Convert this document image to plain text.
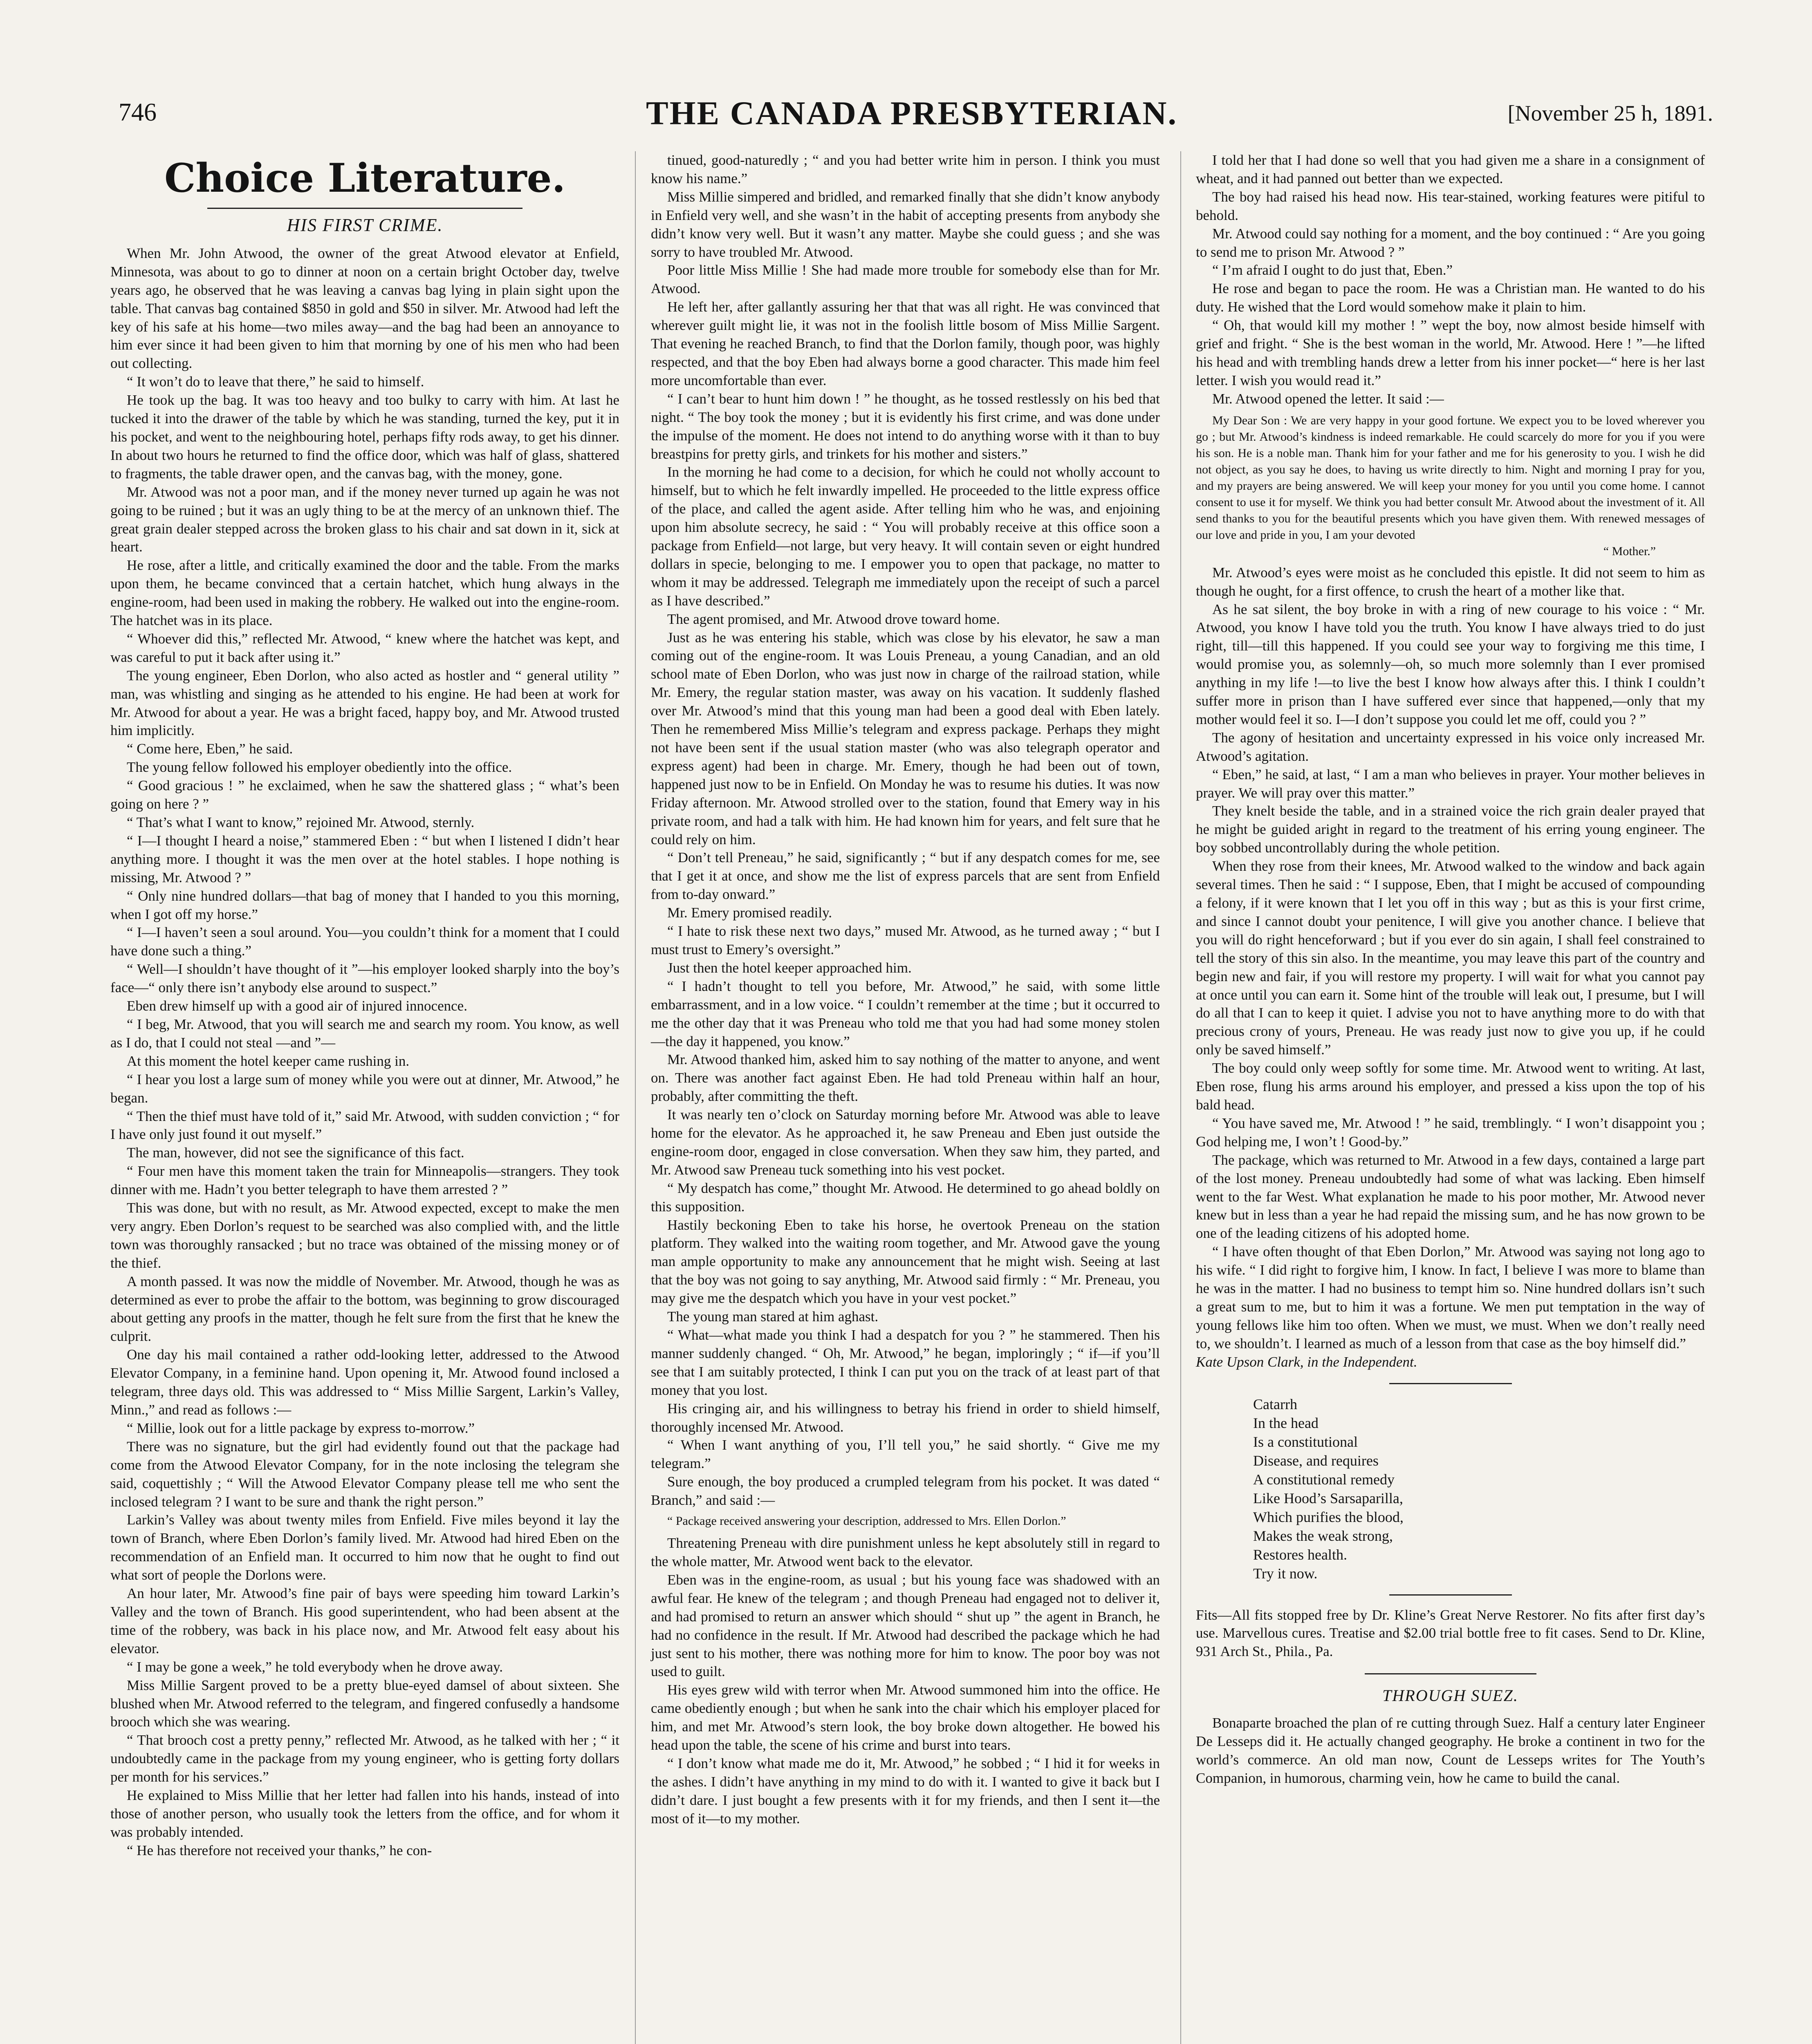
746	THE CANADA PRESBYTERIAN.	[November 25 h, 1891.
Choice Literature.
HIS FIRST CRIME.

When Mr. John Atwood, the owner of the great Atwood elevator at Enfield, Minnesota, was about to go to dinner at noon on a certain bright October day, twelve years ago, he observed that he was leaving a canvas bag lying in plain sight upon the table. That canvas bag contained $850 in gold and $50 in silver. Mr. Atwood had left the key of his safe at his home—two miles away—and the bag had been an annoyance to him ever since it had been given to him that morning by one of his men who had been out collecting.

“ It won’t do to leave that there,” he said to himself.

He took up the bag. It was too heavy and too bulky to carry with him. At last he tucked it into the drawer of the table by which he was standing, turned the key, put it in his pocket, and went to the neighbouring hotel, perhaps fifty rods away, to get his dinner. In about two hours he returned to find the office door, which was half of glass, shattered to fragments, the table drawer open, and the canvas bag, with the money, gone.

Mr. Atwood was not a poor man, and if the money never turned up again he was not going to be ruined ; but it was an ugly thing to be at the mercy of an unknown thief. The great grain dealer stepped across the broken glass to his chair and sat down in it, sick at heart.

He rose, after a little, and critically examined the door and the table. From the marks upon them, he became convinced that a certain hatchet, which hung always in the engine-room, had been used in making the robbery. He walked out into the engine-room. The hatchet was in its place.

“ Whoever did this,” reflected Mr. Atwood, “ knew where the hatchet was kept, and was careful to put it back after using it.”

The young engineer, Eben Dorlon, who also acted as hostler and “ general utility ” man, was whistling and singing as he attended to his engine. He had been at work for Mr. Atwood for about a year. He was a bright faced, happy boy, and Mr. Atwood trusted him implicitly.

“ Come here, Eben,” he said.

The young fellow followed his employer obediently into the office.

“ Good gracious ! ” he exclaimed, when he saw the shattered glass ; “ what’s been going on here ? ”

“ That’s what I want to know,” rejoined Mr. Atwood, sternly.

“ I—I thought I heard a noise,” stammered Eben : “ but when I listened I didn’t hear anything more. I thought it was the men over at the hotel stables. I hope nothing is missing, Mr. Atwood ? ”

“ Only nine hundred dollars—that bag of money that I handed to you this morning, when I got off my horse.”

“ I—I haven’t seen a soul around. You—you couldn’t think for a moment that I could have done such a thing.”

“ Well—I shouldn’t have thought of it ”—his employer looked sharply into the boy’s face—“ only there isn’t anybody else around to suspect.”

Eben drew himself up with a good air of injured innocence.

“ I beg, Mr. Atwood, that you will search me and search my room. You know, as well as I do, that I could not steal —and ”—

At this moment the hotel keeper came rushing in.

“ I hear you lost a large sum of money while you were out at dinner, Mr. Atwood,” he began.

“ Then the thief must have told of it,” said Mr. Atwood, with sudden conviction ; “ for I have only just found it out myself.”

The man, however, did not see the significance of this fact.

“ Four men have this moment taken the train for Minneapolis—strangers. They took dinner with me. Hadn’t you better telegraph to have them arrested ? ”

This was done, but with no result, as Mr. Atwood expected, except to make the men very angry. Eben Dorlon’s request to be searched was also complied with, and the little town was thoroughly ransacked ; but no trace was obtained of the missing money or of the thief.

A month passed. It was now the middle of November. Mr. Atwood, though he was as determined as ever to probe the affair to the bottom, was beginning to grow discouraged about getting any proofs in the matter, though he felt sure from the first that he knew the culprit.

One day his mail contained a rather odd-looking letter, addressed to the Atwood Elevator Company, in a feminine hand. Upon opening it, Mr. Atwood found inclosed a telegram, three days old. This was addressed to “ Miss Millie Sargent, Larkin’s Valley, Minn.,” and read as follows :—

“ Millie, look out for a little package by express to-morrow.”

There was no signature, but the girl had evidently found out that the package had come from the Atwood Elevator Company, for in the note inclosing the telegram she said, coquettishly ; “ Will the Atwood Elevator Company please tell me who sent the inclosed telegram ? I want to be sure and thank the right person.”

Larkin’s Valley was about twenty miles from Enfield. Five miles beyond it lay the town of Branch, where Eben Dorlon’s family lived. Mr. Atwood had hired Eben on the recommendation of an Enfield man. It occurred to him now that he ought to find out what sort of people the Dorlons were.

An hour later, Mr. Atwood’s fine pair of bays were speeding him toward Larkin’s Valley and the town of Branch. His good superintendent, who had been absent at the time of the robbery, was back in his place now, and Mr. Atwood felt easy about his elevator.

“ I may be gone a week,” he told everybody when he drove away.

Miss Millie Sargent proved to be a pretty blue-eyed damsel of about sixteen. She blushed when Mr. Atwood referred to the telegram, and fingered confusedly a handsome brooch which she was wearing.

“ That brooch cost a pretty penny,” reflected Mr. Atwood, as he talked with her ; “ it undoubtedly came in the package from my young engineer, who is getting forty dollars per month for his services.”

He explained to Miss Millie that her letter had fallen into his hands, instead of into those of another person, who usually took the letters from the office, and for whom it was probably intended.

“ He has therefore not received your thanks,” he con-

tinued, good-naturedly ; “ and you had better write him in person. I think you must know his name.”

Miss Millie simpered and bridled, and remarked finally that she didn’t know anybody in Enfield very well, and she wasn’t in the habit of accepting presents from anybody she didn’t know very well. But it wasn’t any matter. Maybe she could guess ; and she was sorry to have troubled Mr. Atwood.

Poor little Miss Millie ! She had made more trouble for somebody else than for Mr. Atwood.

He left her, after gallantly assuring her that that was all right. He was convinced that wherever guilt might lie, it was not in the foolish little bosom of Miss Millie Sargent. That evening he reached Branch, to find that the Dorlon family, though poor, was highly respected, and that the boy Eben had always borne a good character. This made him feel more uncomfortable than ever.

“ I can’t bear to hunt him down ! ” he thought, as he tossed restlessly on his bed that night. “ The boy took the money ; but it is evidently his first crime, and was done under the impulse of the moment. He does not intend to do anything worse with it than to buy breastpins for pretty girls, and trinkets for his mother and sisters.”

In the morning he had come to a decision, for which he could not wholly account to himself, but to which he felt inwardly impelled. He proceeded to the little express office of the place, and called the agent aside. After telling him who he was, and enjoining upon him absolute secrecy, he said : “ You will probably receive at this office soon a package from Enfield—not large, but very heavy. It will contain seven or eight hundred dollars in specie, belonging to me. I empower you to open that package, no matter to whom it may be addressed. Telegraph me immediately upon the receipt of such a parcel as I have described.”

The agent promised, and Mr. Atwood drove toward home.

Just as he was entering his stable, which was close by his elevator, he saw a man coming out of the engine-room. It was Louis Preneau, a young Canadian, and an old school mate of Eben Dorlon, who was just now in charge of the railroad station, while Mr. Emery, the regular station master, was away on his vacation. It suddenly flashed over Mr. Atwood’s mind that this young man had been a good deal with Eben lately. Then he remembered Miss Millie’s telegram and express package. Perhaps they might not have been sent if the usual station master (who was also telegraph operator and express agent) had been in charge. Mr. Emery, though he had been out of town, happened just now to be in Enfield. On Monday he was to resume his duties. It was now Friday afternoon. Mr. Atwood strolled over to the station, found that Emery way in his private room, and had a talk with him. He had known him for years, and felt sure that he could rely on him.

“ Don’t tell Preneau,” he said, significantly ; “ but if any despatch comes for me, see that I get it at once, and show me the list of express parcels that are sent from Enfield from to-day onward.”

Mr. Emery promised readily.

“ I hate to risk these next two days,” mused Mr. Atwood, as he turned away ; “ but I must trust to Emery’s oversight.”

Just then the hotel keeper approached him.

“ I hadn’t thought to tell you before, Mr. Atwood,” he said, with some little embarrassment, and in a low voice. “ I couldn’t remember at the time ; but it occurred to me the other day that it was Preneau who told me that you had had some money stolen—the day it happened, you know.”

Mr. Atwood thanked him, asked him to say nothing of the matter to anyone, and went on. There was another fact against Eben. He had told Preneau within half an hour, probably, after committing the theft.

It was nearly ten o’clock on Saturday morning before Mr. Atwood was able to leave home for the elevator. As he approached it, he saw Preneau and Eben just outside the engine-room door, engaged in close conversation. When they saw him, they parted, and Mr. Atwood saw Preneau tuck something into his vest pocket.

“ My despatch has come,” thought Mr. Atwood. He determined to go ahead boldly on this supposition.

Hastily beckoning Eben to take his horse, he overtook Preneau on the station platform. They walked into the waiting room together, and Mr. Atwood gave the young man ample opportunity to make any announcement that he might wish. Seeing at last that the boy was not going to say anything, Mr. Atwood said firmly : “ Mr. Preneau, you may give me the despatch which you have in your vest pocket.”

The young man stared at him aghast.

“ What—what made you think I had a despatch for you ? ” he stammered. Then his manner suddenly changed. “ Oh, Mr. Atwood,” he began, imploringly ; “ if—if you’ll see that I am suitably protected, I think I can put you on the track of at least part of that money that you lost.

His cringing air, and his willingness to betray his friend in order to shield himself, thoroughly incensed Mr. Atwood.

“ When I want anything of you, I’ll tell you,” he said shortly. “ Give me my telegram.”

Sure enough, the boy produced a crumpled telegram from his pocket. It was dated “ Branch,” and said :—

“ Package received answering your description, addressed to Mrs. Ellen Dorlon.”

Threatening Preneau with dire punishment unless he kept absolutely still in regard to the whole matter, Mr. Atwood went back to the elevator.

Eben was in the engine-room, as usual ; but his young face was shadowed with an awful fear. He knew of the telegram ; and though Preneau had engaged not to deliver it, and had promised to return an answer which should “ shut up ” the agent in Branch, he had no confidence in the result. If Mr. Atwood had described the package which he had just sent to his mother, there was nothing more for him to know. The poor boy was not used to guilt.

His eyes grew wild with terror when Mr. Atwood summoned him into the office. He came obediently enough ; but when he sank into the chair which his employer placed for him, and met Mr. Atwood’s stern look, the boy broke down altogether. He bowed his head upon the table, the scene of his crime and burst into tears.

“ I don’t know what made me do it, Mr. Atwood,” he sobbed ; “ I hid it for weeks in the ashes. I didn’t have anything in my mind to do with it. I wanted to give it back but I didn’t dare. I just bought a few presents with it for my friends, and then I sent it—the most of it—to my mother.

I told her that I had done so well that you had given me a share in a consignment of wheat, and it had panned out better than we expected.

The boy had raised his head now. His tear-stained, working features were pitiful to behold.

Mr. Atwood could say nothing for a moment, and the boy continued : “ Are you going to send me to prison Mr. Atwood ? ”

“ I’m afraid I ought to do just that, Eben.”

He rose and began to pace the room. He was a Christian man. He wanted to do his duty. He wished that the Lord would somehow make it plain to him.

“ Oh, that would kill my mother ! ” wept the boy, now almost beside himself with grief and fright. “ She is the best woman in the world, Mr. Atwood. Here ! ”—he lifted his head and with trembling hands drew a letter from his inner pocket—“ here is her last letter. I wish you would read it.”

Mr. Atwood opened the letter. It said :—

My Dear Son : We are very happy in your good fortune. We expect you to be loved wherever you go ; but Mr. Atwood’s kindness is indeed remarkable. He could scarcely do more for you if you were his son. He is a noble man. Thank him for your father and me for his generosity to you. I wish he did not object, as you say he does, to having us write directly to him. Night and morning I pray for you, and my prayers are being answered. We will keep your money for you until you come home. I cannot consent to use it for myself. We think you had better consult Mr. Atwood about the investment of it. All send thanks to you for the beautiful presents which you have given them. With renewed messages of our love and pride in you, I am your devoted

“ Mother.”

Mr. Atwood’s eyes were moist as he concluded this epistle. It did not seem to him as though he ought, for a first offence, to crush the heart of a mother like that.

As he sat silent, the boy broke in with a ring of new courage to his voice : “ Mr. Atwood, you know I have told you the truth. You know I have always tried to do just right, till—till this happened. If you could see your way to forgiving me this time, I would promise you, as solemnly—oh, so much more solemnly than I ever promised anything in my life !—to live the best I know how always after this. I think I couldn’t suffer more in prison than I have suffered ever since that happened,—only that my mother would feel it so. I—I don’t suppose you could let me off, could you ? ”

The agony of hesitation and uncertainty expressed in his voice only increased Mr. Atwood’s agitation.

“ Eben,” he said, at last, “ I am a man who believes in prayer. Your mother believes in prayer. We will pray over this matter.”

They knelt beside the table, and in a strained voice the rich grain dealer prayed that he might be guided aright in regard to the treatment of his erring young engineer. The boy sobbed uncontrollably during the whole petition.

When they rose from their knees, Mr. Atwood walked to the window and back again several times. Then he said : “ I suppose, Eben, that I might be accused of compounding a felony, if it were known that I let you off in this way ; but as this is your first crime, and since I cannot doubt your penitence, I will give you another chance. I believe that you will do right henceforward ; but if you ever do sin again, I shall feel constrained to tell the story of this sin also. In the meantime, you may leave this part of the country and begin new and fair, if you will restore my property. I will wait for what you cannot pay at once until you can earn it. Some hint of the trouble will leak out, I presume, but I will do all that I can to keep it quiet. I advise you not to have anything more to do with that precious crony of yours, Preneau. He was ready just now to give you up, if he could only be saved himself.”

The boy could only weep softly for some time. Mr. Atwood went to writing. At last, Eben rose, flung his arms around his employer, and pressed a kiss upon the top of his bald head.

“ You have saved me, Mr. Atwood ! ” he said, tremblingly. “ I won’t disappoint you ; God helping me, I won’t ! Good-by.”

The package, which was returned to Mr. Atwood in a few days, contained a large part of the lost money. Preneau undoubtedly had some of what was lacking. Eben himself went to the far West. What explanation he made to his poor mother, Mr. Atwood never knew but in less than a year he had repaid the missing sum, and he has now grown to be one of the leading citizens of his adopted home.

“ I have often thought of that Eben Dorlon,” Mr. Atwood was saying not long ago to his wife. “ I did right to forgive him, I know. In fact, I believe I was more to blame than he was in the matter. I had no business to tempt him so. Nine hundred dollars isn’t such a great sum to me, but to him it was a fortune. We men put temptation in the way of young fellows like him too often. When we must, we must. When we don’t really need to, we shouldn’t. I learned as much of a lesson from that case as the boy himself did.”

Kate Upson Clark, in the Independent.

Catarrh
In the head
Is a constitutional
Disease, and requires
A constitutional remedy
Like Hood’s Sarsaparilla,
Which purifies the blood,
Makes the weak strong,
Restores health.
Try it now.

Fits—All fits stopped free by Dr. Kline’s Great Nerve Restorer. No fits after first day’s use. Marvellous cures. Treatise and $2.00 trial bottle free to fit cases. Send to Dr. Kline, 931 Arch St., Phila., Pa.

THROUGH SUEZ.

Bonaparte broached the plan of re cutting through Suez. Half a century later Engineer De Lesseps did it. He actually changed geography. He broke a continent in two for the world’s commerce. An old man now, Count de Lesseps writes for The Youth’s Companion, in humorous, charming vein, how he came to build the canal.
